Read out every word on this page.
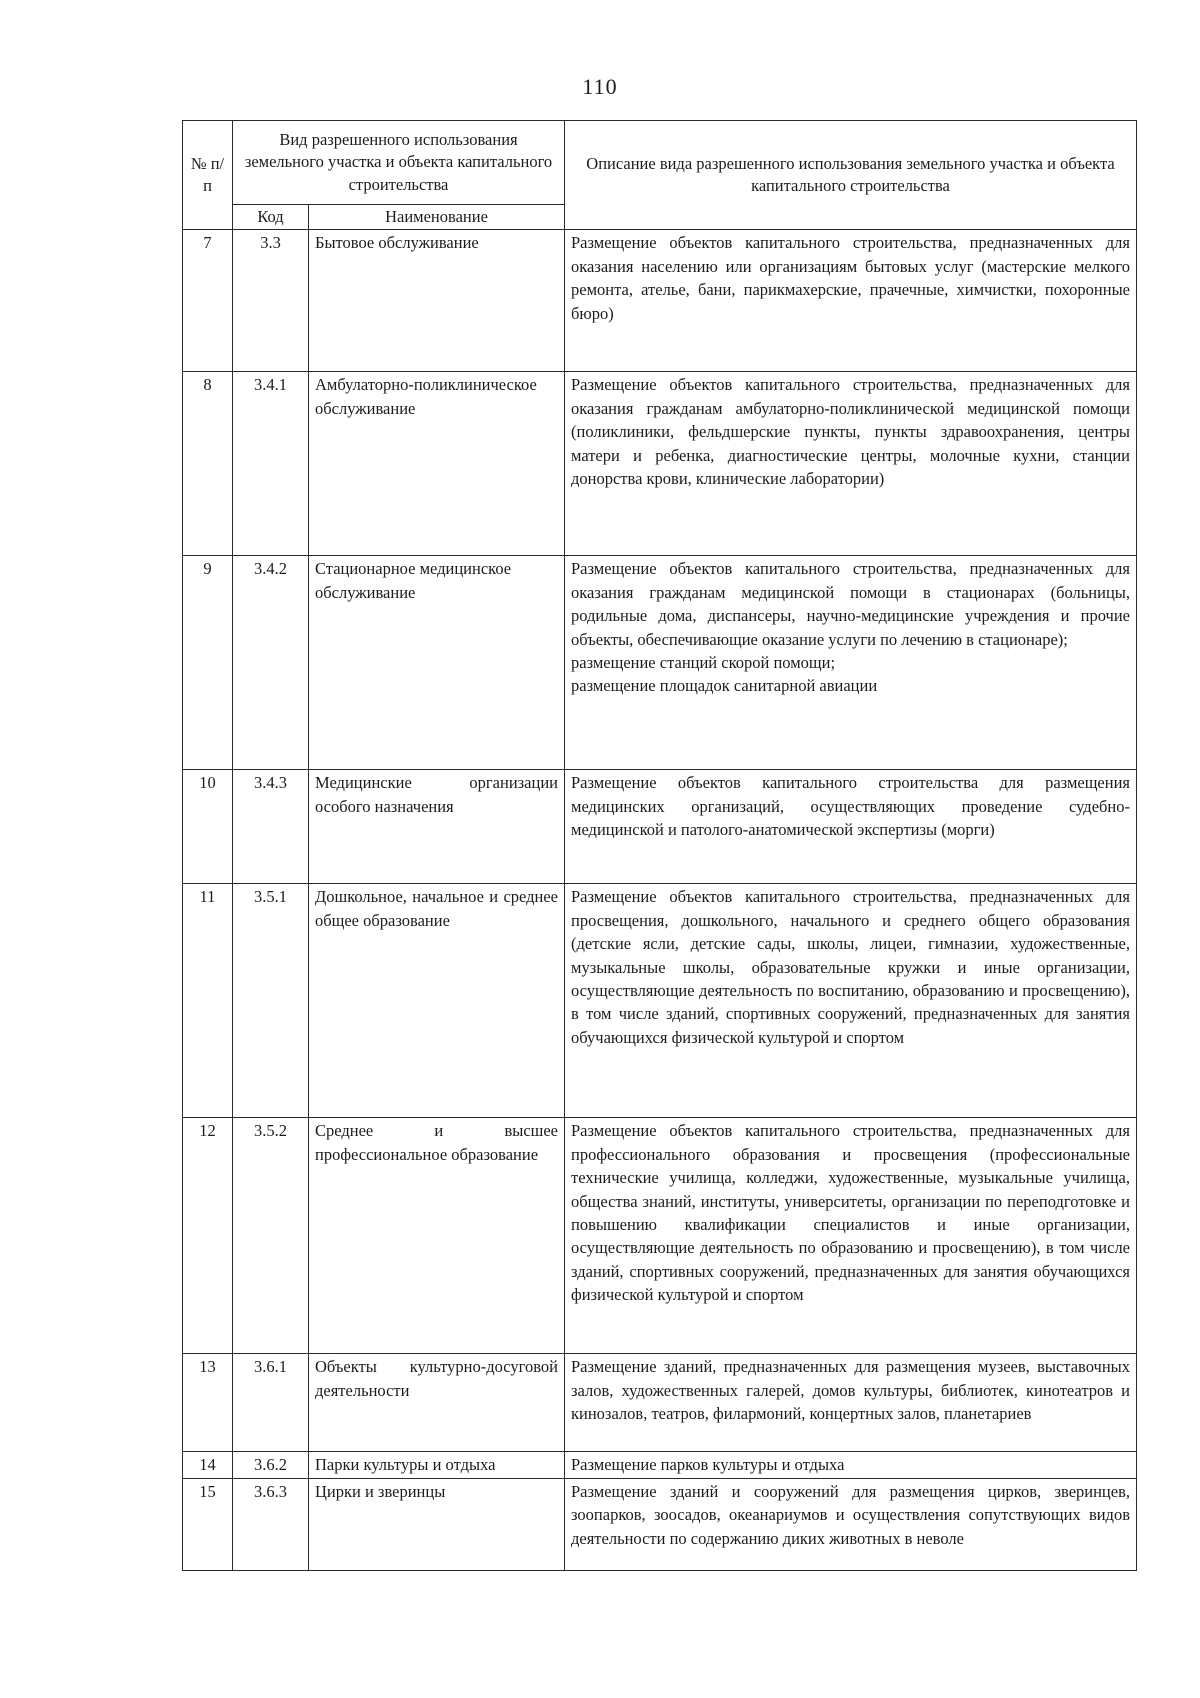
110
№ п/п	Вид разрешенного использования земельного участка и объекта капитального строительства		Описание вида разрешенного использования земельного участка и объекта капитального строительства
	Код	Наименование	
7	3.3	Бытовое обслуживание	Размещение объектов капитального строительства, предназначенных для оказания населению или организациям бытовых услуг (мастерские мелкого ремонта, ателье, бани, парикмахерские, прачечные, химчистки, похоронные бюро)

8	3.4.1	Амбулаторно-поликлиническое обслуживание	Размещение объектов капитального строительства, предназначенных для оказания гражданам амбулаторно-поликлинической медицинской помощи (поликлиники, фельдшерские пункты, пункты здравоохранения, центры матери и ребенка, диагностические центры, молочные кухни, станции донорства крови, клинические лаборатории)

9	3.4.2	Стационарное медицинское обслуживание	Размещение объектов капитального строительства, предназначенных для оказания гражданам медицинской помощи в стационарах (больницы, родильные дома, диспансеры, научно-медицинские учреждения и прочие объекты, обеспечивающие оказание услуги по лечению в стационаре);

размещение станций скорой помощи;

размещение площадок санитарной авиации

10	3.4.3	Медицинские организации особого назначения	Размещение объектов капитального строительства для размещения медицинских организаций, осуществляющих проведение судебно-медицинской и патолого-анатомической экспертизы (морги)

11	3.5.1	Дошкольное, начальное и среднее общее образование	Размещение объектов капитального строительства, предназначенных для просвещения, дошкольного, начального и среднего общего образования (детские ясли, детские сады, школы, лицеи, гимназии, художественные, музыкальные школы, образовательные кружки и иные организации, осуществляющие деятельность по воспитанию, образованию и просвещению), в том числе зданий, спортивных сооружений, предназначенных для занятия обучающихся физической культурой и спортом

12	3.5.2	Среднее и высшее профессиональное образование	Размещение объектов капитального строительства, предназначенных для профессионального образования и просвещения (профессиональные технические училища, колледжи, художественные, музыкальные училища, общества знаний, институты, университеты, организации по переподготовке и повышению квалификации специалистов и иные организации, осуществляющие деятельность по образованию и просвещению), в том числе зданий, спортивных сооружений, предназначенных для занятия обучающихся физической культурой и спортом

13	3.6.1	Объекты культурно-досуговой деятельности	Размещение зданий, предназначенных для размещения музеев, выставочных залов, художественных галерей, домов культуры, библиотек, кинотеатров и кинозалов, театров, филармоний, концертных залов, планетариев

14	3.6.2	Парки культуры и отдыха	Размещение парков культуры и отдыха

15	3.6.3	Цирки и зверинцы	Размещение зданий и сооружений для размещения цирков, зверинцев, зоопарков, зоосадов, океанариумов и осуществления сопутствующих видов деятельности по содержанию диких животных в неволе
